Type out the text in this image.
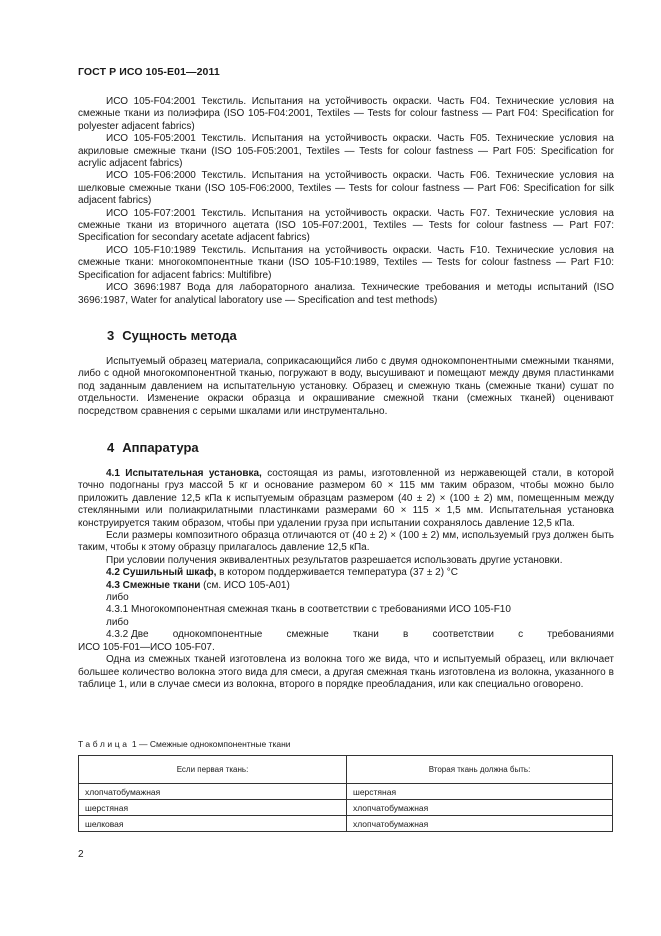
ГОСТ Р ИСО 105-Е01—2011

ИСО 105-F04:2001 Текстиль. Испытания на устойчивость окраски. Часть F04. Технические условия на смежные ткани из полиэфира (ISO 105-F04:2001, Textiles — Tests for colour fastness — Part F04: Specification for polyester adjacent fabrics)

ИСО 105-F05:2001 Текстиль. Испытания на устойчивость окраски. Часть F05. Технические условия на акриловые смежные ткани (ISO 105-F05:2001, Textiles — Tests for colour fastness — Part F05: Specification for acrylic adjacent fabrics)

ИСО 105-F06:2000 Текстиль. Испытания на устойчивость окраски. Часть F06. Технические условия на шелковые смежные ткани (ISO 105-F06:2000, Textiles — Tests for colour fastness — Part F06: Specification for silk adjacent fabrics)

ИСО 105-F07:2001 Текстиль. Испытания на устойчивость окраски. Часть F07. Технические условия на смежные ткани из вторичного ацетата (ISO 105-F07:2001, Textiles — Tests for colour fastness — Part F07: Specification for secondary acetate adjacent fabrics)

ИСО 105-F10:1989 Текстиль. Испытания на устойчивость окраски. Часть F10. Технические условия на смежные ткани: многокомпонентные ткани (ISO 105-F10:1989, Textiles — Tests for colour fastness — Part F10: Specification for adjacent fabrics: Multifibre)

ИСО 3696:1987 Вода для лабораторного анализа. Технические требования и методы испытаний (ISO 3696:1987, Water for analytical laboratory use — Specification and test methods)

3 Сущность метода

Испытуемый образец материала, соприкасающийся либо с двумя однокомпонентными смежными тканями, либо с одной многокомпонентной тканью, погружают в воду, высушивают и помещают между двумя пластинками под заданным давлением на испытательную установку. Образец и смежную ткань (смежные ткани) сушат по отдельности. Изменение окраски образца и окрашивание смежной ткани (смежных тканей) оценивают посредством сравнения с серыми шкалами или инструментально.

4 Аппаратура

4.1 Испытательная установка, состоящая из рамы, изготовленной из нержавеющей стали, в которой точно подогнаны груз массой 5 кг и основание размером 60 × 115 мм таким образом, чтобы можно было приложить давление 12,5 кПа к испытуемым образцам размером (40 ± 2) × (100 ± 2) мм, помещенным между стеклянными или полиакрилатными пластинками размерами 60 × 115 × 1,5 мм. Испытательная установка конструируется таким образом, чтобы при удалении груза при испытании сохранялось давление 12,5 кПа.

Если размеры композитного образца отличаются от (40 ± 2) × (100 ± 2) мм, используемый груз должен быть таким, чтобы к этому образцу прилагалось давление 12,5 кПа.

При условии получения эквивалентных результатов разрешается использовать другие установки.

4.2 Сушильный шкаф, в котором поддерживается температура (37 ± 2) °C

4.3 Смежные ткани (см. ИСО 105-А01)

либо

4.3.1 Многокомпонентная смежная ткань в соответствии с требованиями ИСО 105-F10

либо

4.3.2 Две однокомпонентные смежные ткани в соответствии с требованиями

ИСО 105-F01—ИСО 105-F07.

Одна из смежных тканей изготовлена из волокна того же вида, что и испытуемый образец, или включает большее количество волокна этого вида для смеси, а другая смежная ткань изготовлена из волокна, указанного в таблице 1, или в случае смеси из волокна, второго в порядке преобладания, или как специально оговорено.

Таблица 1 — Смежные однокомпонентные ткани
Если первая ткань:	Вторая ткань должна быть:
хлопчатобумажная	шерстяная
шерстяная	хлопчатобумажная
шелковая	хлопчатобумажная
2
